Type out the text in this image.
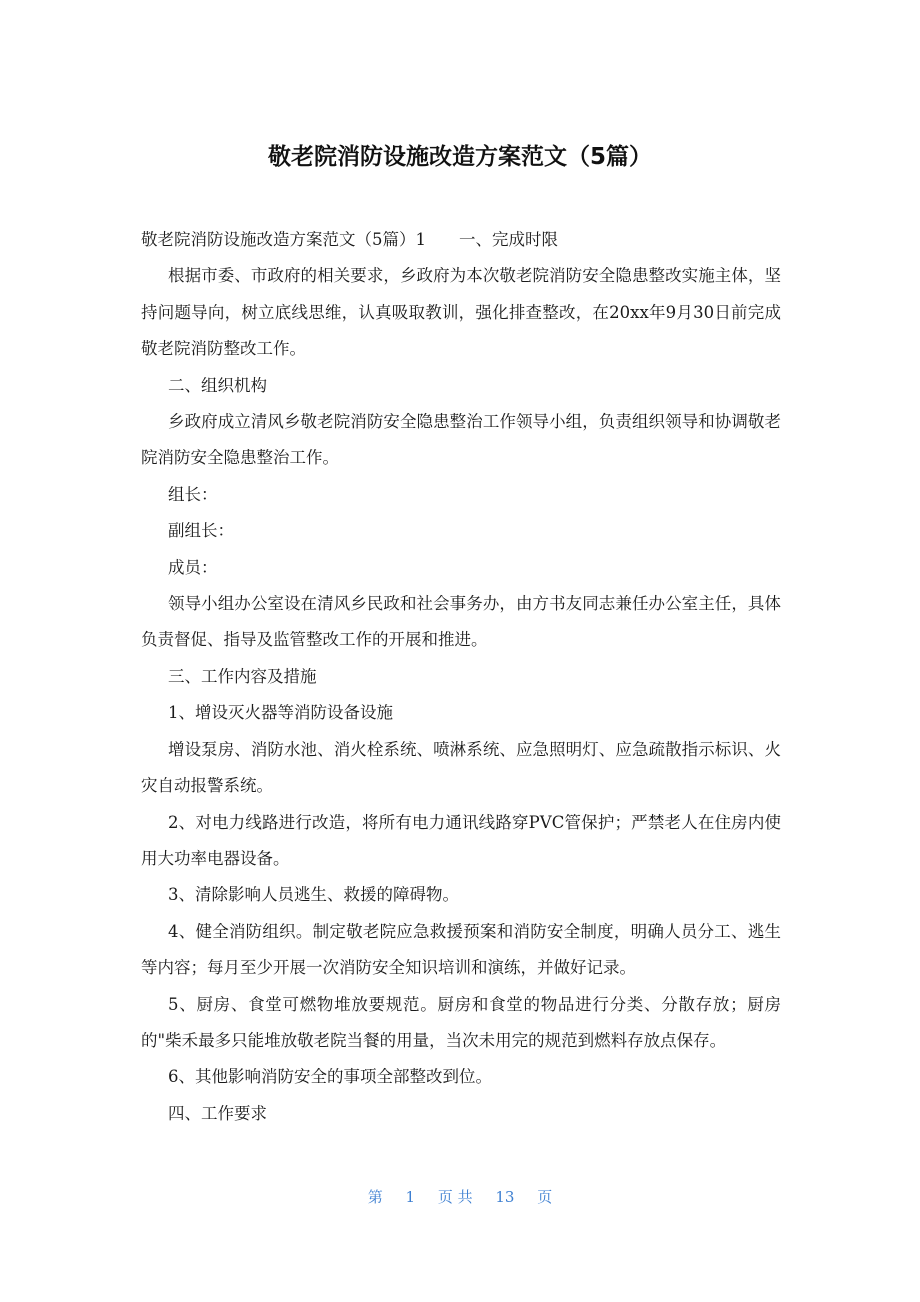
敬老院消防设施改造方案范文（5篇）

敬老院消防设施改造方案范文（5篇）1　　一、完成时限

根据市委、市政府的相关要求，乡政府为本次敬老院消防安全隐患整改实施主体，坚持问题导向，树立底线思维，认真吸取教训，强化排查整改，在20xx年9月30日前完成敬老院消防整改工作。

二、组织机构

乡政府成立清风乡敬老院消防安全隐患整治工作领导小组，负责组织领导和协调敬老院消防安全隐患整治工作。

组长：

副组长：

成员：

领导小组办公室设在清风乡民政和社会事务办，由方书友同志兼任办公室主任，具体负责督促、指导及监管整改工作的开展和推进。

三、工作内容及措施

1、增设灭火器等消防设备设施

增设泵房、消防水池、消火栓系统、喷淋系统、应急照明灯、应急疏散指示标识、火灾自动报警系统。

2、对电力线路进行改造，将所有电力通讯线路穿PVC管保护；严禁老人在住房内使用大功率电器设备。

3、清除影响人员逃生、救援的障碍物。

4、健全消防组织。制定敬老院应急救援预案和消防安全制度，明确人员分工、逃生等内容；每月至少开展一次消防安全知识培训和演练，并做好记录。

5、厨房、食堂可燃物堆放要规范。厨房和食堂的物品进行分类、分散存放；厨房的"柴禾最多只能堆放敬老院当餐的用量，当次未用完的规范到燃料存放点保存。

6、其他影响消防安全的事项全部整改到位。

四、工作要求

第 1 页 共 13 页
